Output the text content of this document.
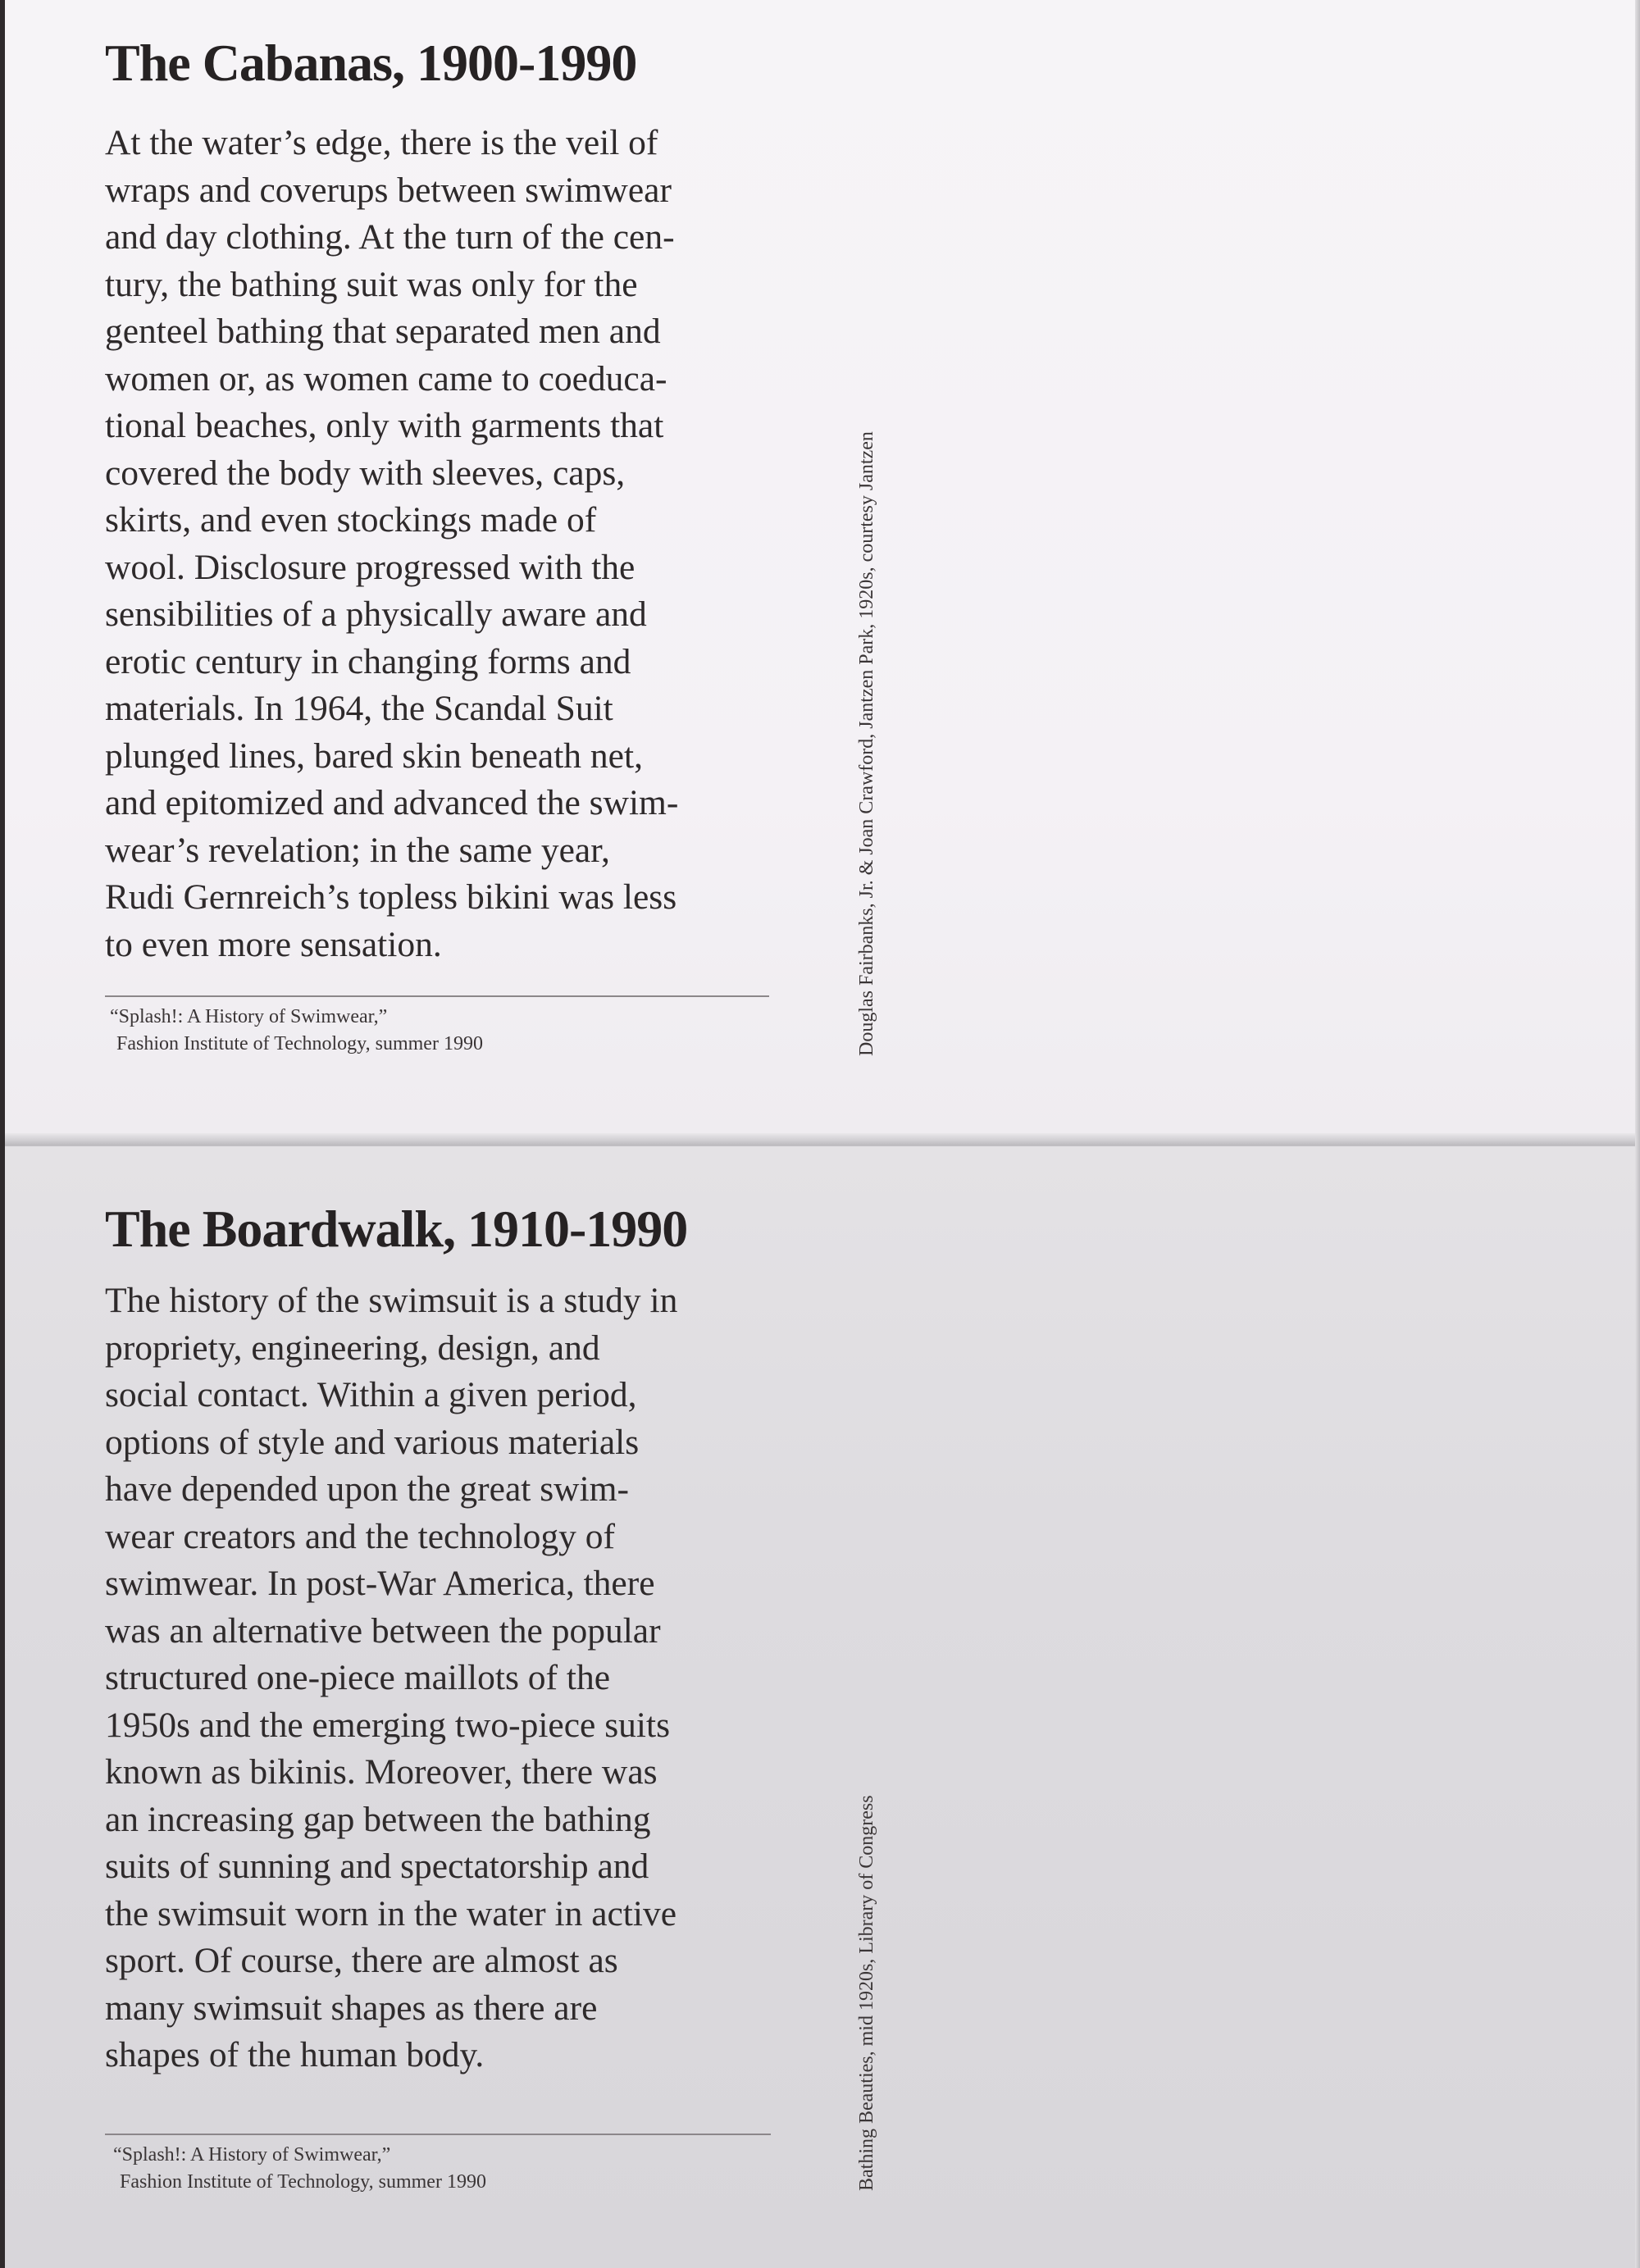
The Cabanas, 1900-1990

At the water’s edge, there is the veil of
wraps and coverups between swimwear
and day clothing. At the turn of the cen-
tury, the bathing suit was only for the
genteel bathing that separated men and
women or, as women came to coeduca-
tional beaches, only with garments that
covered the body with sleeves, caps,
skirts, and even stockings made of
wool. Disclosure progressed with the
sensibilities of a physically aware and
erotic century in changing forms and
materials. In 1964, the Scandal Suit
plunged lines, bared skin beneath net,
and epitomized and advanced the swim-
wear’s revelation; in the same year,
Rudi Gernreich’s topless bikini was less
to even more sensation.

“Splash!: A History of Swimwear,”
Fashion Institute of Technology, summer 1990	Douglas Fairbanks, Jr. & Joan Crawford, Jantzen Park, 1920s, courtesy Jantzen
The Boardwalk, 1910-1990

The history of the swimsuit is a study in
propriety, engineering, design, and
social contact. Within a given period,
options of style and various materials
have depended upon the great swim-
wear creators and the technology of
swimwear. In post-War America, there
was an alternative between the popular
structured one-piece maillots of the
1950s and the emerging two-piece suits
known as bikinis. Moreover, there was
an increasing gap between the bathing
suits of sunning and spectatorship and
the swimsuit worn in the water in active
sport. Of course, there are almost as
many swimsuit shapes as there are
shapes of the human body.

“Splash!: A History of Swimwear,”
Fashion Institute of Technology, summer 1990	Bathing Beauties, mid 1920s, Library of Congress
